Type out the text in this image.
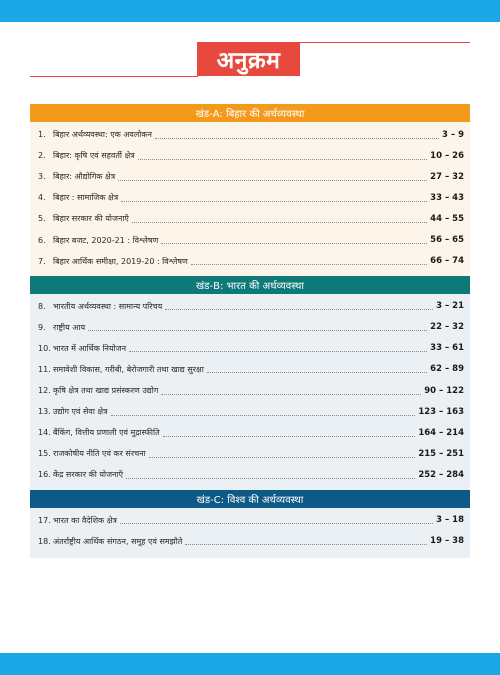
अनुक्रम
खंड-A: बिहार की अर्थव्यवस्था
1. बिहार अर्थव्यवस्था: एक अवलोकन	3 – 9
2. बिहार: कृषि एवं सहवर्ती क्षेत्र	10 – 26
3. बिहार: औद्योगिक क्षेत्र	27 – 32
4. बिहार : सामाजिक क्षेत्र	33 – 43
5. बिहार सरकार की योजनाएँ	44 – 55
6. बिहार बजट, 2020-21 : विश्लेषण	56 – 65
7. बिहार आर्थिक समीक्षा, 2019-20 : विश्लेषण	66 – 74
खंड-B: भारत की अर्थव्यवस्था
8. भारतीय अर्थव्यवस्था : सामान्य परिचय	3 – 21
9. राष्ट्रीय आय	22 – 32
10. भारत में आर्थिक नियोजन	33 – 61
11. समावेशी विकास, गरीबी, बेरोजगारी तथा खाद्य सुरक्षा	62 – 89
12. कृषि क्षेत्र तथा खाद्य प्रसंस्करण उद्योग	90 – 122
13. उद्योग एवं सेवा क्षेत्र	123 – 163
14. बैंकिंग, वित्तीय प्रणाली एवं मुद्रास्फीति	164 – 214
15. राजकोषीय नीति एवं कर संरचना	215 – 251
16. केंद्र सरकार की योजनाएँ	252 – 284
खंड-C: विश्व की अर्थव्यवस्था
17. भारत का वैदेशिक क्षेत्र	3 – 18
18. अंतर्राष्ट्रीय आर्थिक संगठन, समूह एवं समझौते	19 – 38
